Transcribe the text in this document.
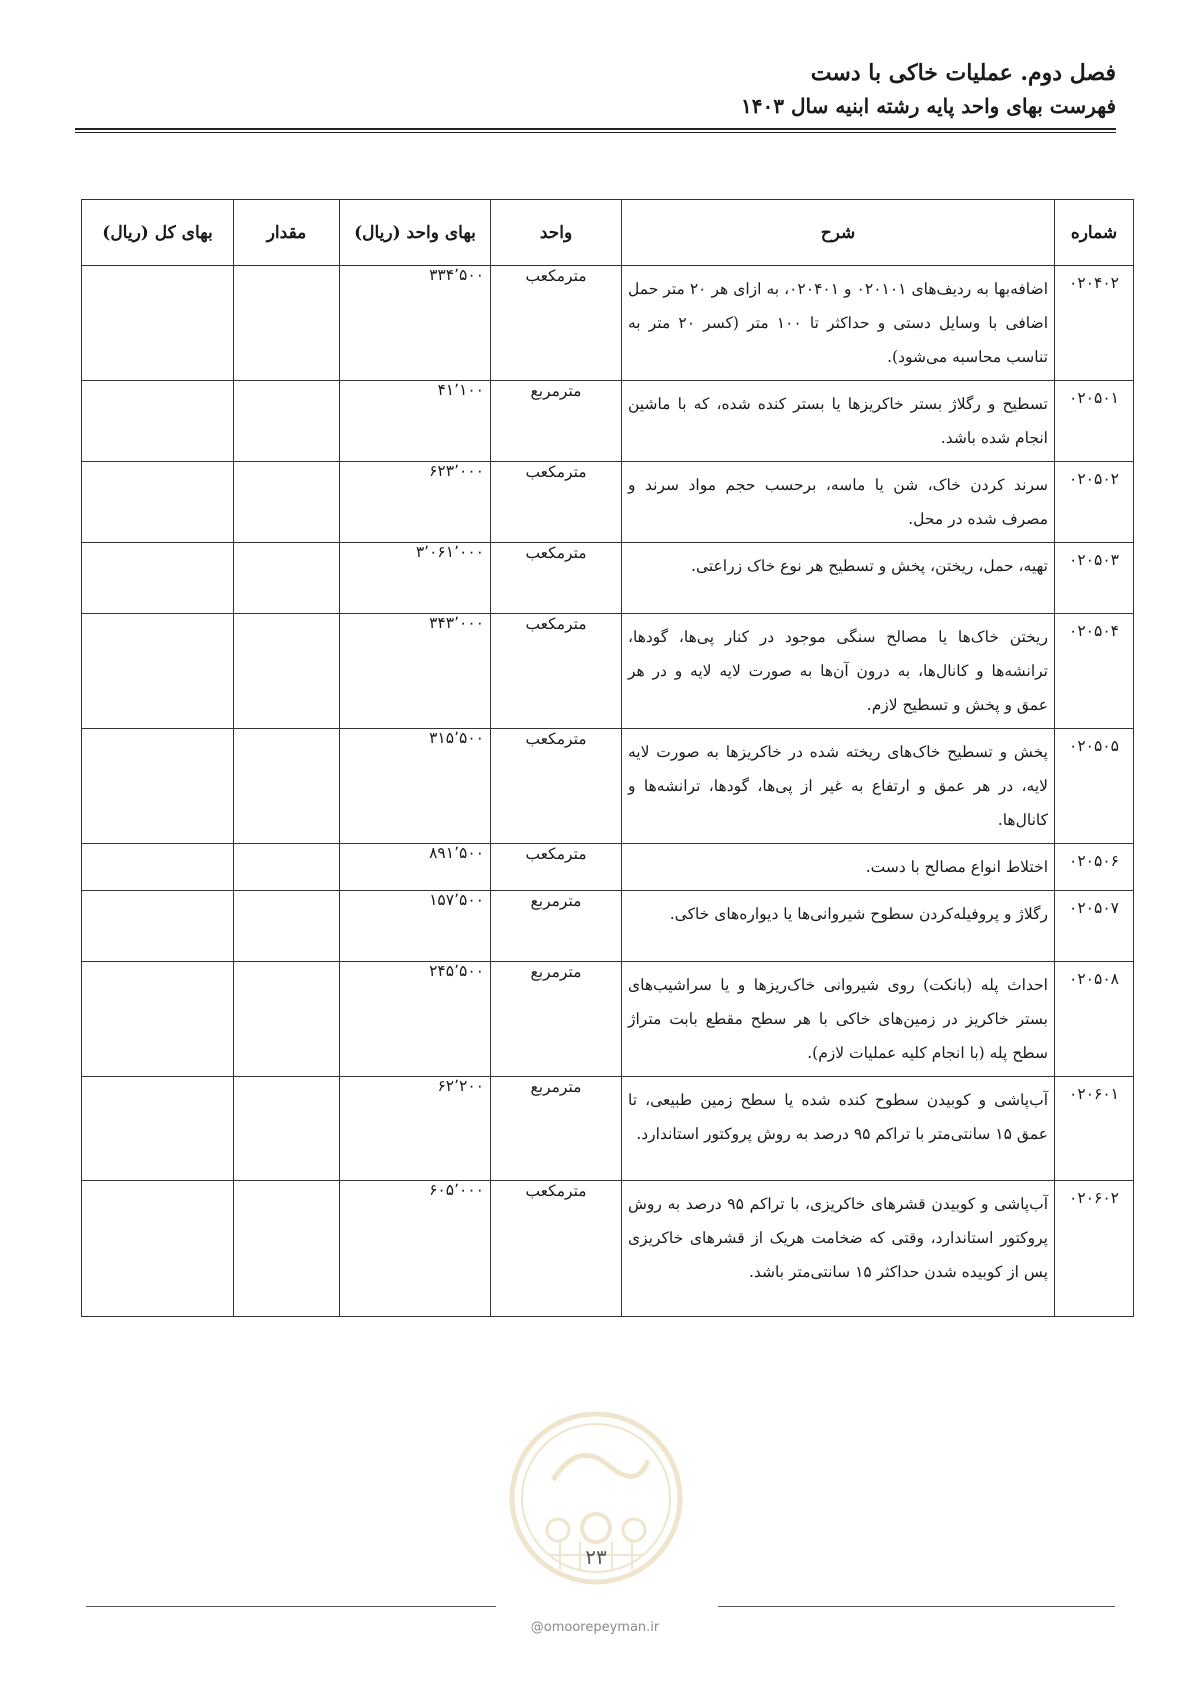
فصل دوم. عملیات خاکی با دست
فهرست بهای واحد پایه رشته ابنیه سال ۱۴۰۳
شماره	شرح	واحد	بهای واحد (ریال)	مقدار	بهای کل (ریال)
۰۲۰۴۰۲	اضافه‌بها به ردیف‌های ۰۲۰۱۰۱ و ۰۲۰۴۰۱، به ازای هر ۲۰ متر حمل اضافی با وسایل دستی و حداکثر تا ۱۰۰ متر (کسر ۲۰ متر به تناسب محاسبه می‌شود).	مترمکعب	۳۳۴٬۵۰۰		
۰۲۰۵۰۱	تسطیح و رگلاژ بستر خاکریزها یا بستر کنده شده، که با ماشین انجام شده باشد.	مترمربع	۴۱٬۱۰۰		
۰۲۰۵۰۲	سرند کردن خاک، شن یا ماسه، برحسب حجم مواد سرند و مصرف شده در محل.	مترمکعب	۶۲۳٬۰۰۰		
۰۲۰۵۰۳	تهیه، حمل، ریختن، پخش و تسطیح هر نوع خاک زراعتی.	مترمکعب	۳٬۰۶۱٬۰۰۰		
۰۲۰۵۰۴	ریختن خاک‌ها یا مصالح سنگی موجود در کنار پی‌ها، گودها، ترانشه‌ها و کانال‌ها، به درون آن‌ها به صورت لایه لایه و در هر عمق و پخش و تسطیح لازم.	مترمکعب	۳۴۳٬۰۰۰		
۰۲۰۵۰۵	پخش و تسطیح خاک‌های ریخته شده در خاکریزها به صورت لایه لایه، در هر عمق و ارتفاع به غیر از پی‌ها، گودها، ترانشه‌ها و کانال‌ها.	مترمکعب	۳۱۵٬۵۰۰		
۰۲۰۵۰۶	اختلاط انواع مصالح با دست.	مترمکعب	۸۹۱٬۵۰۰		
۰۲۰۵۰۷	رگلاژ و پروفیله‌کردن سطوح شیروانی‌ها یا دیواره‌های خاکی.	مترمربع	۱۵۷٬۵۰۰		
۰۲۰۵۰۸	احداث پله (بانکت) روی شیروانی خاک‌ریزها و یا سراشیب‌های بستر خاکریز در زمین‌های خاکی با هر سطح مقطع بابت متراژ سطح پله (با انجام کلیه عملیات لازم).	مترمربع	۲۴۵٬۵۰۰		
۰۲۰۶۰۱	آب‌پاشی و کوبیدن سطوح کنده شده یا سطح زمین طبیعی، تا عمق ۱۵ سانتی‌متر با تراکم ۹۵ درصد به روش پروکتور استاندارد.	مترمربع	۶۲٬۲۰۰		
۰۲۰۶۰۲	آب‌پاشی و کوبیدن قشرهای خاکریزی، با تراکم ۹۵ درصد به روش پروکتور استاندارد، وقتی که ضخامت هریک از قشرهای خاکریزی پس از کوبیده شدن حداکثر ۱۵ سانتی‌متر باشد.	مترمکعب	۶۰۵٬۰۰۰		
۲۳
@omoorepeyman.ir
